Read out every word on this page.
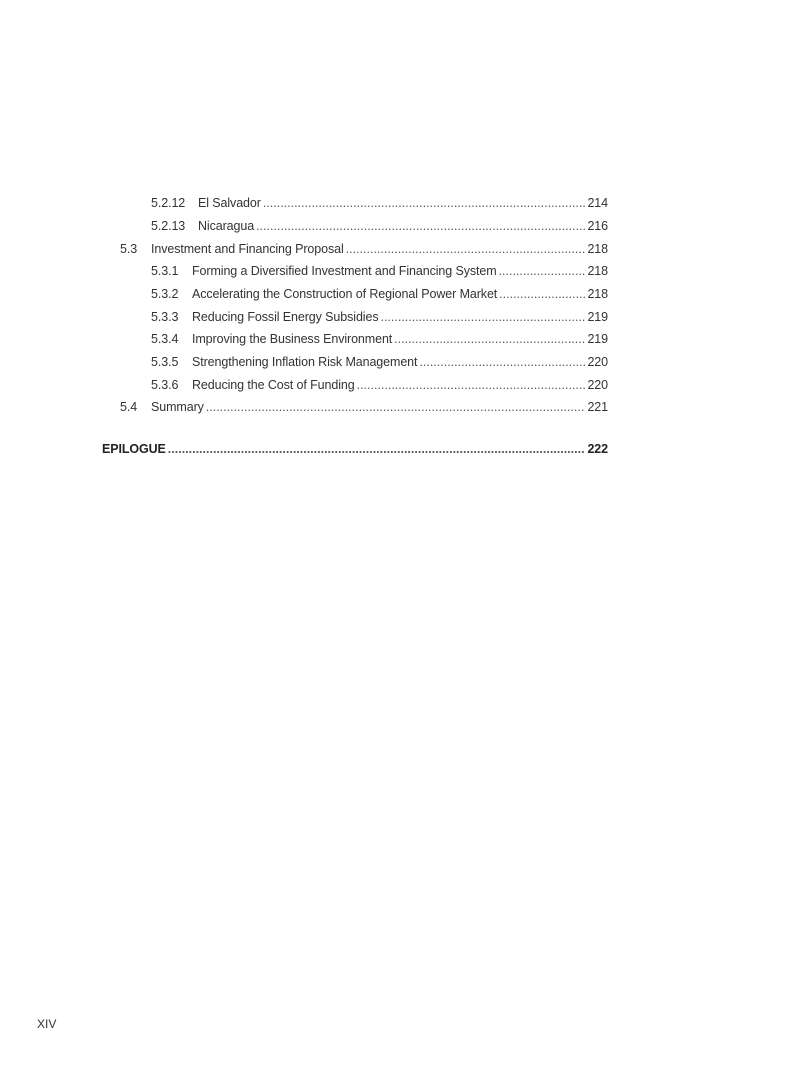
5.2.12	El Salvador .....	214
5.2.13	Nicaragua .....	216
5.3	Investment and Financing Proposal .....	218
5.3.1	Forming a Diversified Investment and Financing System .....	218
5.3.2	Accelerating the Construction of Regional Power Market .....	218
5.3.3	Reducing Fossil Energy Subsidies .....	219
5.3.4	Improving the Business Environment .....	219
5.3.5	Strengthening Inflation Risk Management .....	220
5.3.6	Reducing the Cost of Funding .....	220
5.4	Summary .....	221
EPILOGUE .....	222
XIV
